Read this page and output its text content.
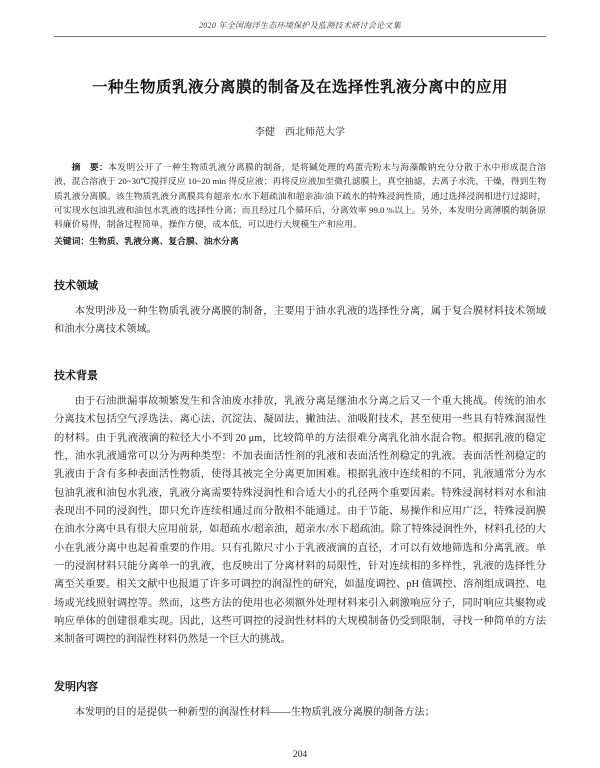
2020 年全国海洋生态环境保护及监测技术研讨会论文集
一种生物质乳液分离膜的制备及在选择性乳液分离中的应用
李健　西北师范大学

摘　要：本发明公开了一种生物质乳液分离膜的制备，是将碱处理的鸡蛋壳粉末与海藻酸钠充分分散于水中形成混合溶液，混合溶液于 20~30℃搅拌反应 10~20 min 得反应液；再将反应液加至微孔滤膜上，真空抽滤，去离子水洗，干燥，得到生物质乳液分离膜。该生物质乳液分离膜具有超亲水/水下超疏油和超亲油/油下疏水的特殊浸润性质，通过选择浸润相进行过滤时，可实现水包油乳液和油包水乳液的选择性分离；而且经过几个循环后，分离效率 99.0 %以上。另外，本发明分离薄膜的制备原料廉价易得，制备过程简单，操作方便，成本低，可以进行大规模生产和应用。

关键词：生物质、乳液分离、复合膜、油水分离

技术领域

本发明涉及一种生物质乳液分离膜的制备，主要用于油水乳液的选择性分离，属于复合膜材料技术领域和油水分离技术领域。

技术背景

由于石油泄漏事故频繁发生和含油废水排放，乳液分离是继油水分离之后又一个重大挑战。传统的油水分离技术包括空气浮选法、离心法、沉淀法、凝固法、撇油法、油吸附技术，甚至使用一些具有特殊润湿性的材料。由于乳液液滴的粒径大小不到 20 μm，比较简单的方法很难分离乳化油水混合物。根据乳液的稳定性，油水乳液通常可以分为两种类型：不加表面活性剂的乳液和表面活性剂稳定的乳液。表面活性剂稳定的乳液由于含有多种表面活性物质，使得其被完全分离更加困难。根据乳液中连续相的不同，乳液通常分为水包油乳液和油包水乳液，乳液分离需要特殊浸润性和合适大小的孔径两个重要因素。特殊浸润材料对水和油表现出不同的浸润性，即只允许连续相通过而分散相不能通过。由于节能、易操作和应用广泛，特殊浸润膜在油水分离中具有很大应用前景，如超疏水/超亲油，超亲水/水下超疏油。除了特殊浸润性外，材料孔径的大小在乳液分离中也起着重要的作用。只有孔隙尺寸小于乳液液滴的直径，才可以有效地筛选和分离乳液。单一的浸润材料只能分离单一的乳液，也反映出了分离材料的局限性，针对连续相的多样性，乳液的选择性分离至关重要。相关文献中也报道了许多可调控的润湿性的研究，如温度调控、pH 值调控、溶剂组成调控、电场或光线照射调控等。然而，这些方法的使用也必须额外处理材料来引入刺激响应分子，同时响应共聚物或响应单体的创建很难实现。因此，这些可调控的浸润性材料的大规模制备仍受到限制，寻找一种简单的方法来制备可调控的润湿性材料仍然是一个巨大的挑战。

发明内容

本发明的目的是提供一种新型的润湿性材料——生物质乳液分离膜的制备方法；

204
